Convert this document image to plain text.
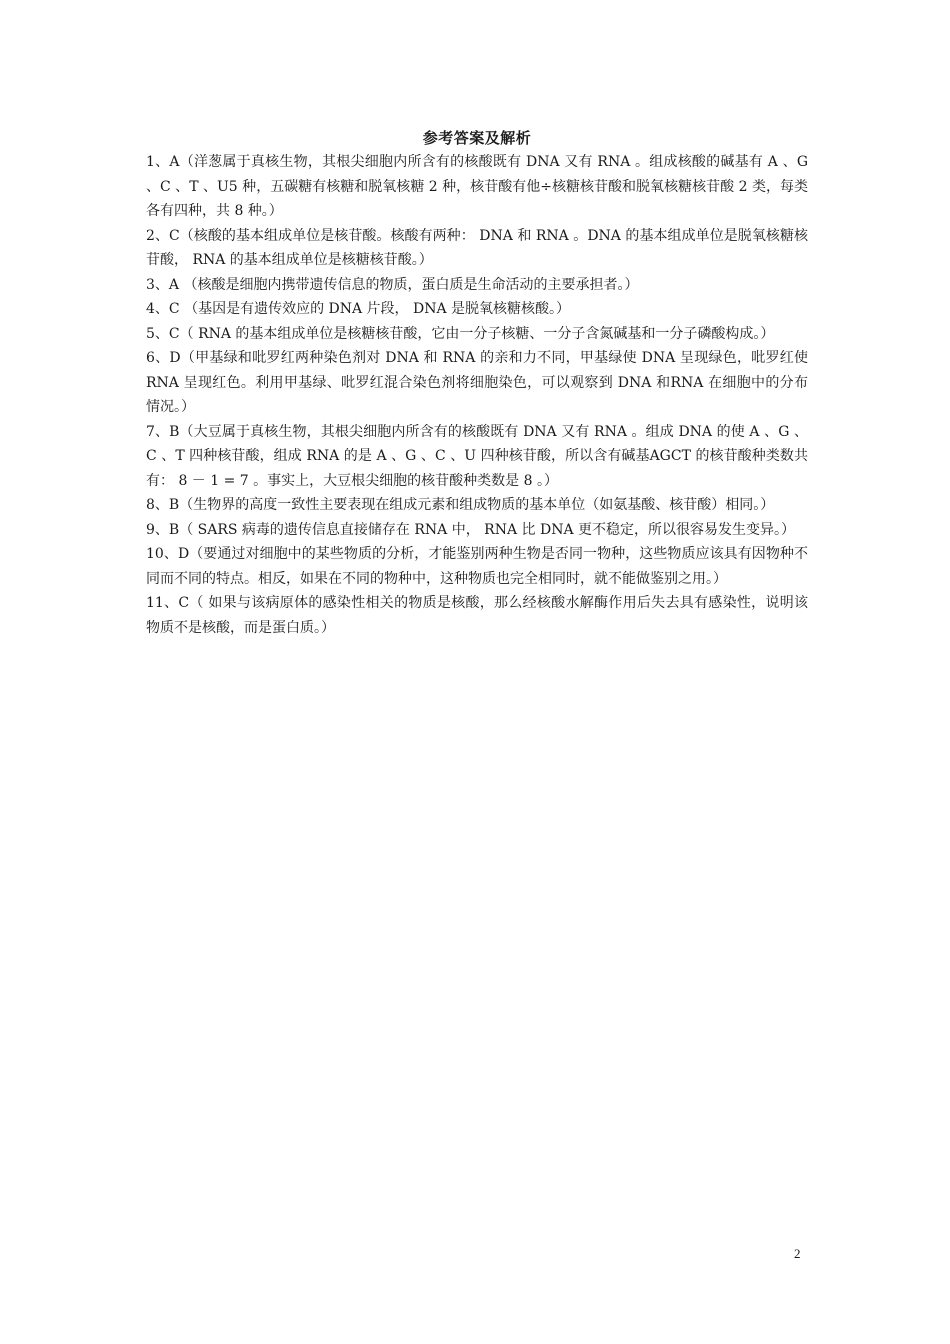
参考答案及解析

1、A（洋葱属于真核生物，其根尖细胞内所含有的核酸既有 DNA 又有 RNA 。组成核酸的碱基有 A 、G 、C 、T 、U5 种，五碳糖有核糖和脱氧核糖 2 种，核苷酸有他÷核糖核苷酸和脱氧核糖核苷酸 2 类，每类各有四种，共 8 种。）

2、C（核酸的基本组成单位是核苷酸。核酸有两种： DNA 和 RNA 。DNA 的基本组成单位是脱氧核糖核苷酸， RNA 的基本组成单位是核糖核苷酸。）

3、A （核酸是细胞内携带遗传信息的物质，蛋白质是生命活动的主要承担者。）

4、C （基因是有遗传效应的 DNA 片段， DNA 是脱氧核糖核酸。）

5、C（ RNA 的基本组成单位是核糖核苷酸，它由一分子核糖、一分子含氮碱基和一分子磷酸构成。）

6、D（甲基绿和吡罗红两种染色剂对 DNA 和 RNA 的亲和力不同，甲基绿使 DNA 呈现绿色，吡罗红使 RNA 呈现红色。利用甲基绿、吡罗红混合染色剂将细胞染色，可以观察到 DNA 和RNA 在细胞中的分布情况。）

7、B（大豆属于真核生物，其根尖细胞内所含有的核酸既有 DNA 又有 RNA 。组成 DNA 的使 A 、G 、C 、T 四种核苷酸，组成 RNA 的是 A 、G 、C 、U 四种核苷酸，所以含有碱基AGCT 的核苷酸种类数共有： 8 － 1 = 7 。事实上，大豆根尖细胞的核苷酸种类数是 8 。）

8、B（生物界的高度一致性主要表现在组成元素和组成物质的基本单位（如氨基酸、核苷酸）相同。）

9、B（ SARS 病毒的遗传信息直接储存在 RNA 中， RNA 比 DNA 更不稳定，所以很容易发生变异。）

10、D（要通过对细胞中的某些物质的分析，才能鉴别两种生物是否同一物种，这些物质应该具有因物种不同而不同的特点。相反，如果在不同的物种中，这种物质也完全相同时，就不能做鉴别之用。）

11、C（ 如果与该病原体的感染性相关的物质是核酸，那么经核酸水解酶作用后失去具有感染性，说明该物质不是核酸，而是蛋白质。）

2
